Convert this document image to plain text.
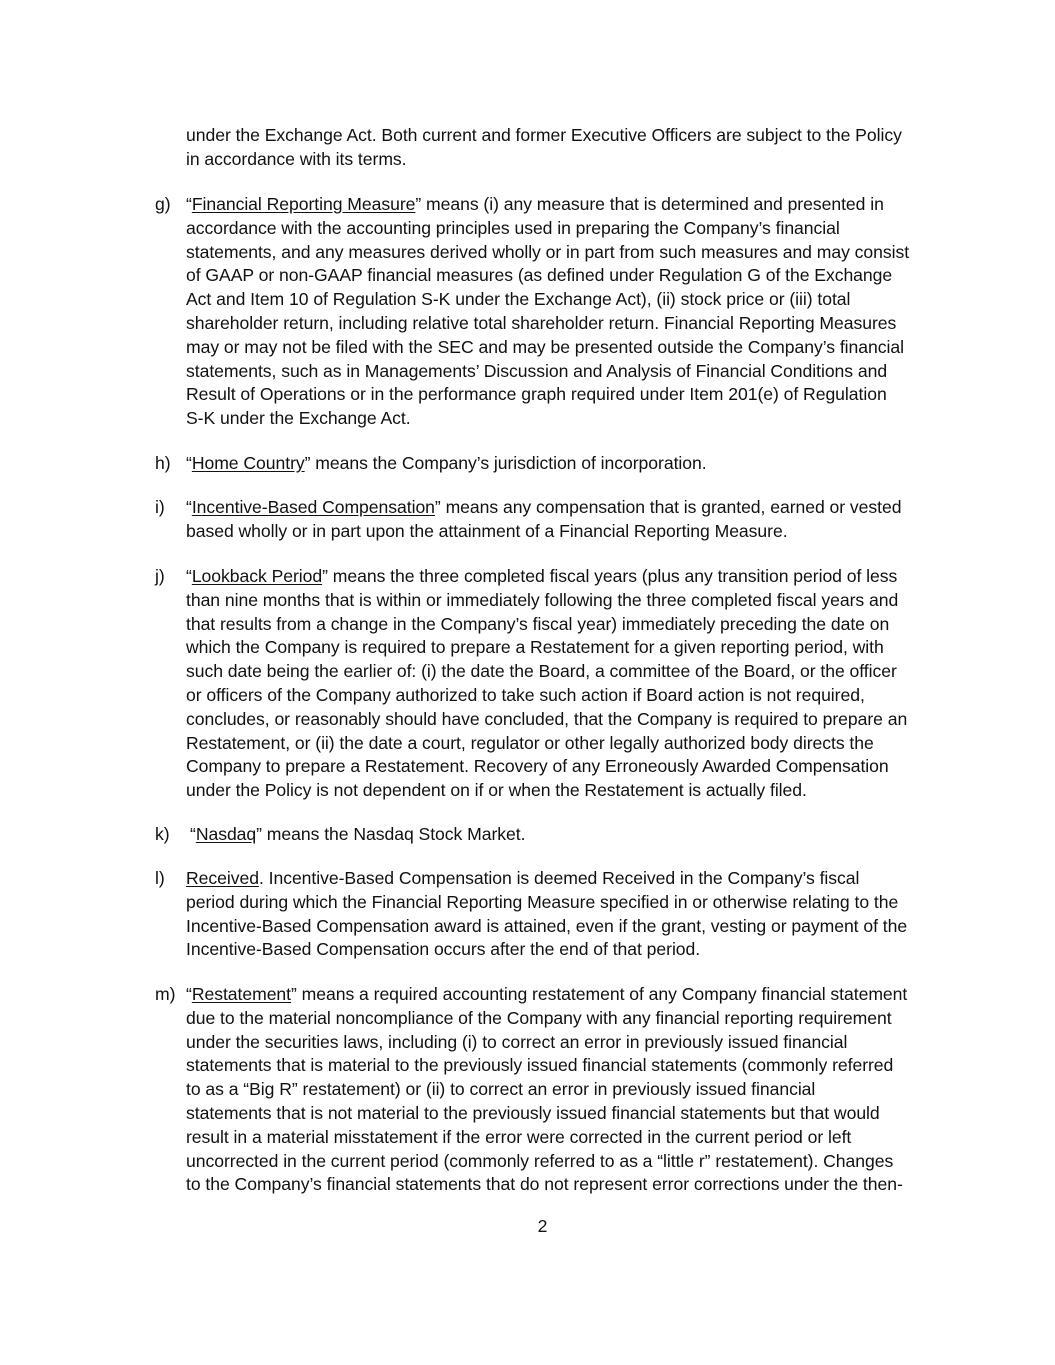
under the Exchange Act. Both current and former Executive Officers are subject to the Policy
in accordance with its terms.
g) “Financial Reporting Measure” means (i) any measure that is determined and presented in
accordance with the accounting principles used in preparing the Company’s financial
statements, and any measures derived wholly or in part from such measures and may consist
of GAAP or non-GAAP financial measures (as defined under Regulation G of the Exchange
Act and Item 10 of Regulation S-K under the Exchange Act), (ii) stock price or (iii) total
shareholder return, including relative total shareholder return. Financial Reporting Measures
may or may not be filed with the SEC and may be presented outside the Company’s financial
statements, such as in Managements’ Discussion and Analysis of Financial Conditions and
Result of Operations or in the performance graph required under Item 201(e) of Regulation
S-K under the Exchange Act.
h) “Home Country” means the Company’s jurisdiction of incorporation.
i) “Incentive-Based Compensation” means any compensation that is granted, earned or vested
based wholly or in part upon the attainment of a Financial Reporting Measure.
j) “Lookback Period” means the three completed fiscal years (plus any transition period of less
than nine months that is within or immediately following the three completed fiscal years and
that results from a change in the Company’s fiscal year) immediately preceding the date on
which the Company is required to prepare a Restatement for a given reporting period, with
such date being the earlier of: (i) the date the Board, a committee of the Board, or the officer
or officers of the Company authorized to take such action if Board action is not required,
concludes, or reasonably should have concluded, that the Company is required to prepare an
Restatement, or (ii) the date a court, regulator or other legally authorized body directs the
Company to prepare a Restatement. Recovery of any Erroneously Awarded Compensation
under the Policy is not dependent on if or when the Restatement is actually filed.
k) “Nasdaq” means the Nasdaq Stock Market.
l) Received. Incentive-Based Compensation is deemed Received in the Company’s fiscal
period during which the Financial Reporting Measure specified in or otherwise relating to the
Incentive-Based Compensation award is attained, even if the grant, vesting or payment of the
Incentive-Based Compensation occurs after the end of that period.
m) “Restatement” means a required accounting restatement of any Company financial statement
due to the material noncompliance of the Company with any financial reporting requirement
under the securities laws, including (i) to correct an error in previously issued financial
statements that is material to the previously issued financial statements (commonly referred
to as a “Big R” restatement) or (ii) to correct an error in previously issued financial
statements that is not material to the previously issued financial statements but that would
result in a material misstatement if the error were corrected in the current period or left
uncorrected in the current period (commonly referred to as a “little r” restatement). Changes
to the Company’s financial statements that do not represent error corrections under the then-
2
